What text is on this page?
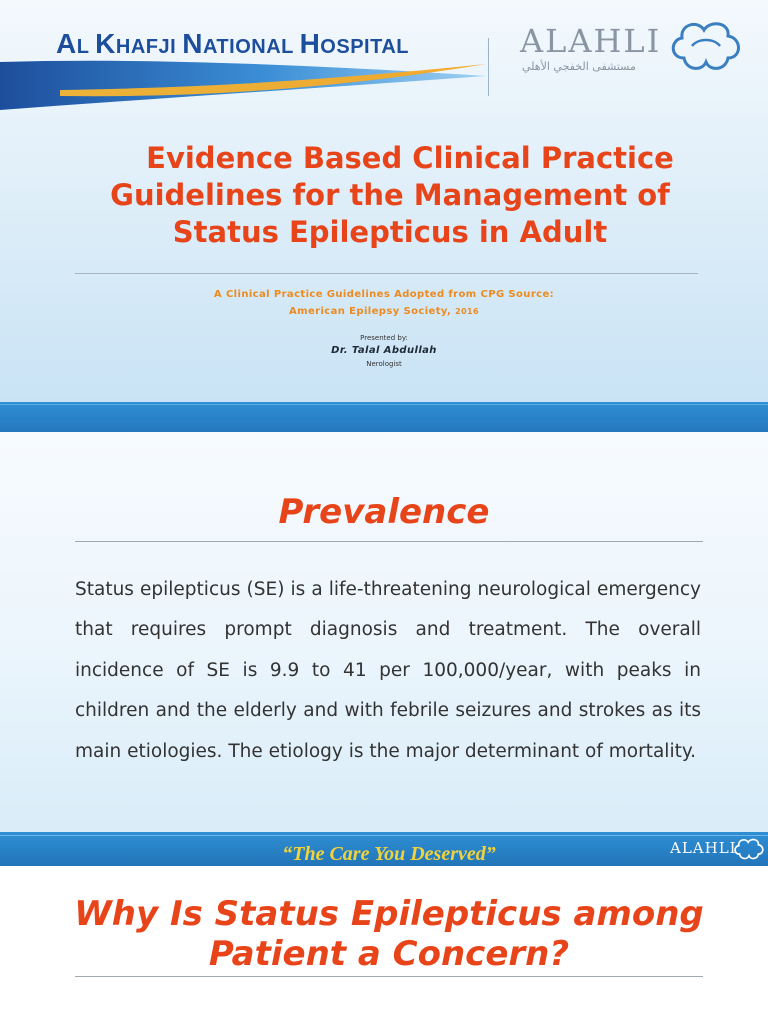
AL KHAFJI NATIONAL HOSPITAL	ALAHLI
مستشفى الخفجي الأهلي
Evidence Based Clinical Practice
Guidelines for the Management of
Status Epilepticus in Adult
A Clinical Practice Guidelines Adopted from CPG Source:
American Epilepsy Society, 2016
Presented by:
Dr. Talal Abdullah
Nerologist
Prevalence
Status epilepticus (SE) is a life-threatening neurological emergency that requires prompt diagnosis and treatment. The overall incidence of SE is 9.9 to 41 per 100,000/year, with peaks in children and the elderly and with febrile seizures and strokes as its main etiologies. The etiology is the major determinant of mortality.
“The Care You Deserved”	ALAHLI
Why Is Status Epilepticus among
Patient a Concern?
